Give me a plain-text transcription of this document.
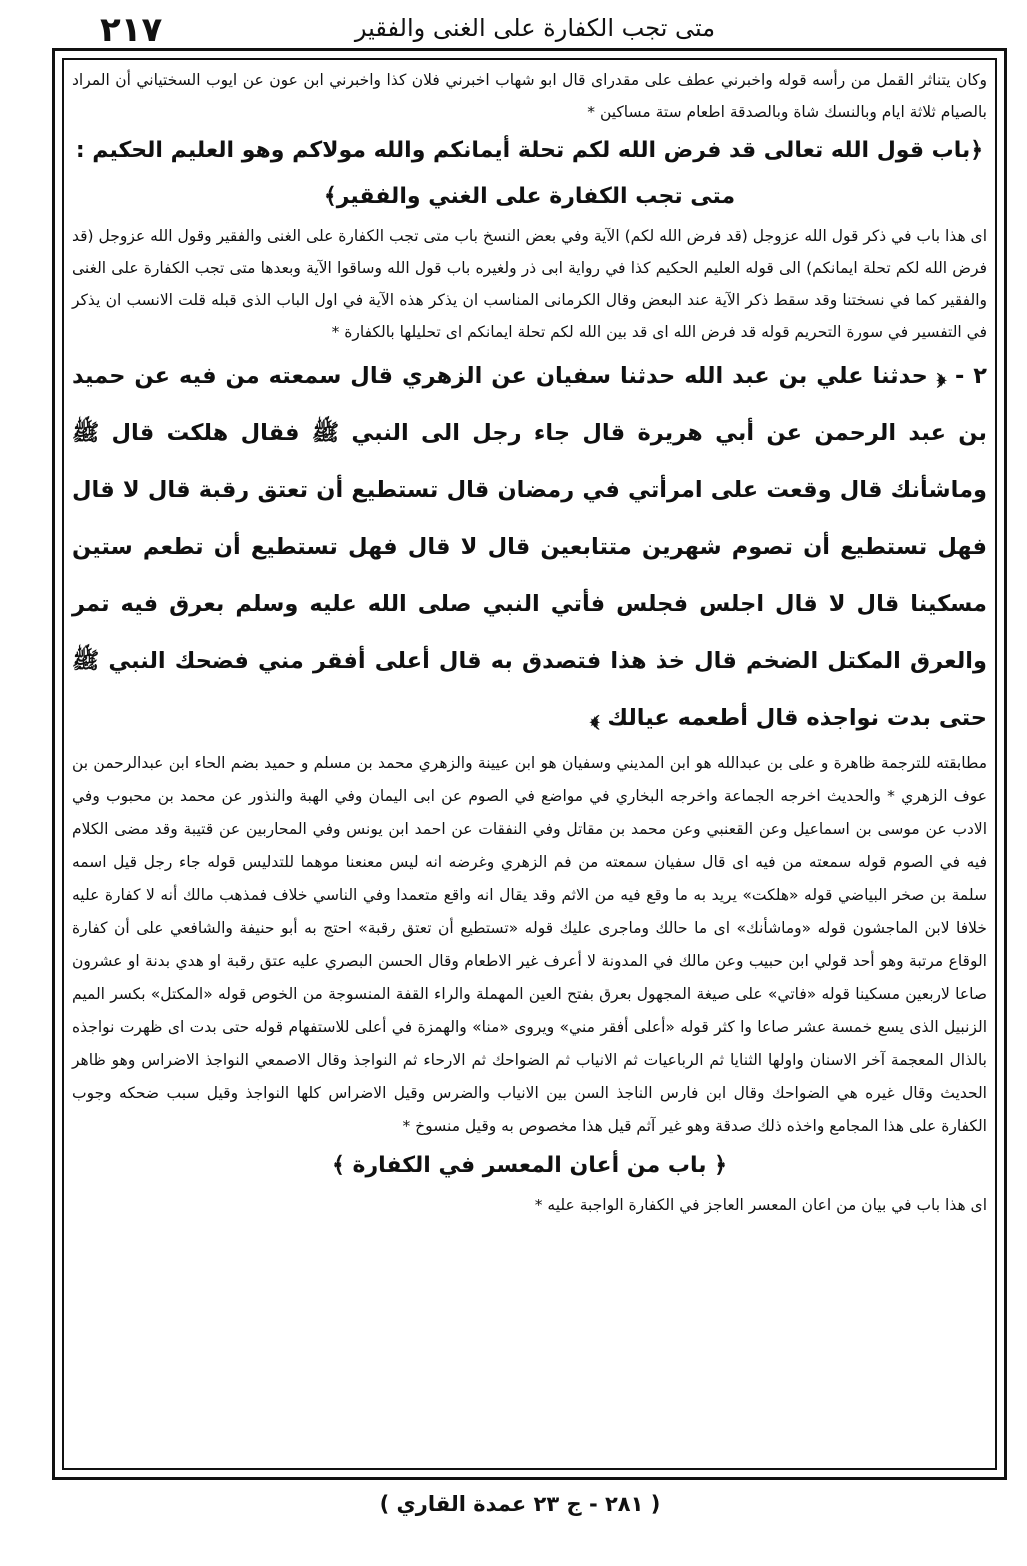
٢١٧	متى تجب الكفارة على الغنى والفقير

وكان يتناثر القمل من رأسه قوله واخبرني عطف على مقدراى قال ابو شهاب اخبرني فلان كذا واخبرني ابن عون عن ايوب السختياني أن المراد بالصيام ثلاثة ايام وبالنسك شاة وبالصدقة اطعام ستة مساكين *

﴿باب قول الله تعالى قد فرض الله لكم تحلة أيمانكم والله مولاكم وهو العليم الحكيم : متى تجب الكفارة على الغني والفقير﴾

اى هذا باب في ذكر قول الله عزوجل (قد فرض الله لكم) الآية وفي بعض النسخ باب متى تجب الكفارة على الغنى والفقير وقول الله عزوجل (قد فرض الله لكم تحلة ايمانكم) الى قوله العليم الحكيم كذا في رواية ابى ذر ولغيره باب قول الله وساقوا الآية وبعدها متى تجب الكفارة على الغنى والفقير كما في نسختنا وقد سقط ذكر الآية عند البعض وقال الكرمانى المناسب ان يذكر هذه الآية في اول الباب الذى قبله قلت الانسب ان يذكر في التفسير في سورة التحريم قوله قد فرض الله اى قد بين الله لكم تحلة ايمانكم اى تحليلها بالكفارة *

٢ - ﴿ حدثنا علي بن عبد الله حدثنا سفيان عن الزهري قال سمعته من فيه عن حميد بن عبد الرحمن عن أبي هريرة قال جاء رجل الى النبي ﷺ فقال هلكت قال ﷺ وماشأنك قال وقعت على امرأتي في رمضان قال تستطيع أن تعتق رقبة قال لا قال فهل تستطيع أن تصوم شهرين متتابعين قال لا قال فهل تستطيع أن تطعم ستين مسكينا قال لا قال اجلس فجلس فأتي النبي صلى الله عليه وسلم بعرق فيه تمر والعرق المكتل الضخم قال خذ هذا فتصدق به قال أعلى أفقر مني فضحك النبي ﷺ حتى بدت نواجذه قال أطعمه عيالك ﴾

مطابقته للترجمة ظاهرة و على بن عبدالله هو ابن المديني وسفيان هو ابن عيينة والزهري محمد بن مسلم و حميد بضم الحاء ابن عبدالرحمن بن عوف الزهري * والحديث اخرجه الجماعة واخرجه البخاري في مواضع في الصوم عن ابى اليمان وفي الهبة والنذور عن محمد بن محبوب وفي الادب عن موسى بن اسماعيل وعن القعنبي وعن محمد بن مقاتل وفي النفقات عن احمد ابن يونس وفي المحاربين عن قتيبة وقد مضى الكلام فيه في الصوم قوله سمعته من فيه اى قال سفيان سمعته من فم الزهري وغرضه انه ليس معنعنا موهما للتدليس قوله جاء رجل قيل اسمه سلمة بن صخر البياضي قوله «هلكت» يريد به ما وقع فيه من الاثم وقد يقال انه واقع متعمدا وفي الناسي خلاف فمذهب مالك أنه لا كفارة عليه خلافا لابن الماجشون قوله «وماشأنك» اى ما حالك وماجرى عليك قوله «تستطيع أن تعتق رقبة» احتج به أبو حنيفة والشافعي على أن كفارة الوقاع مرتبة وهو أحد قولي ابن حبيب وعن مالك في المدونة لا أعرف غير الاطعام وقال الحسن البصري عليه عتق رقبة او هدي بدنة او عشرون صاعا لاربعين مسكينا قوله «فاتي» على صيغة المجهول بعرق بفتح العين المهملة والراء القفة المنسوجة من الخوص قوله «المكتل» بكسر الميم الزنبيل الذى يسع خمسة عشر صاعا وا كثر قوله «أعلى أفقر مني» ويروى «منا» والهمزة في أعلى للاستفهام قوله حتى بدت اى ظهرت نواجذه بالذال المعجمة آخر الاسنان واولها الثنايا ثم الرباعيات ثم الانياب ثم الضواحك ثم الارحاء ثم النواجذ وقال الاصمعي النواجذ الاضراس وهو ظاهر الحديث وقال غيره هي الضواحك وقال ابن فارس الناجذ السن بين الانياب والضرس وقيل الاضراس كلها النواجذ وقيل سبب ضحكه وجوب الكفارة على هذا المجامع واخذه ذلك صدقة وهو غير آثم قيل هذا مخصوص به وقيل منسوخ *

﴿ باب من أعان المعسر في الكفارة ﴾

اى هذا باب في بيان من اعان المعسر العاجز في الكفارة الواجبة عليه *

( ٢٨١ - ج ٢٣ عمدة القاري )
